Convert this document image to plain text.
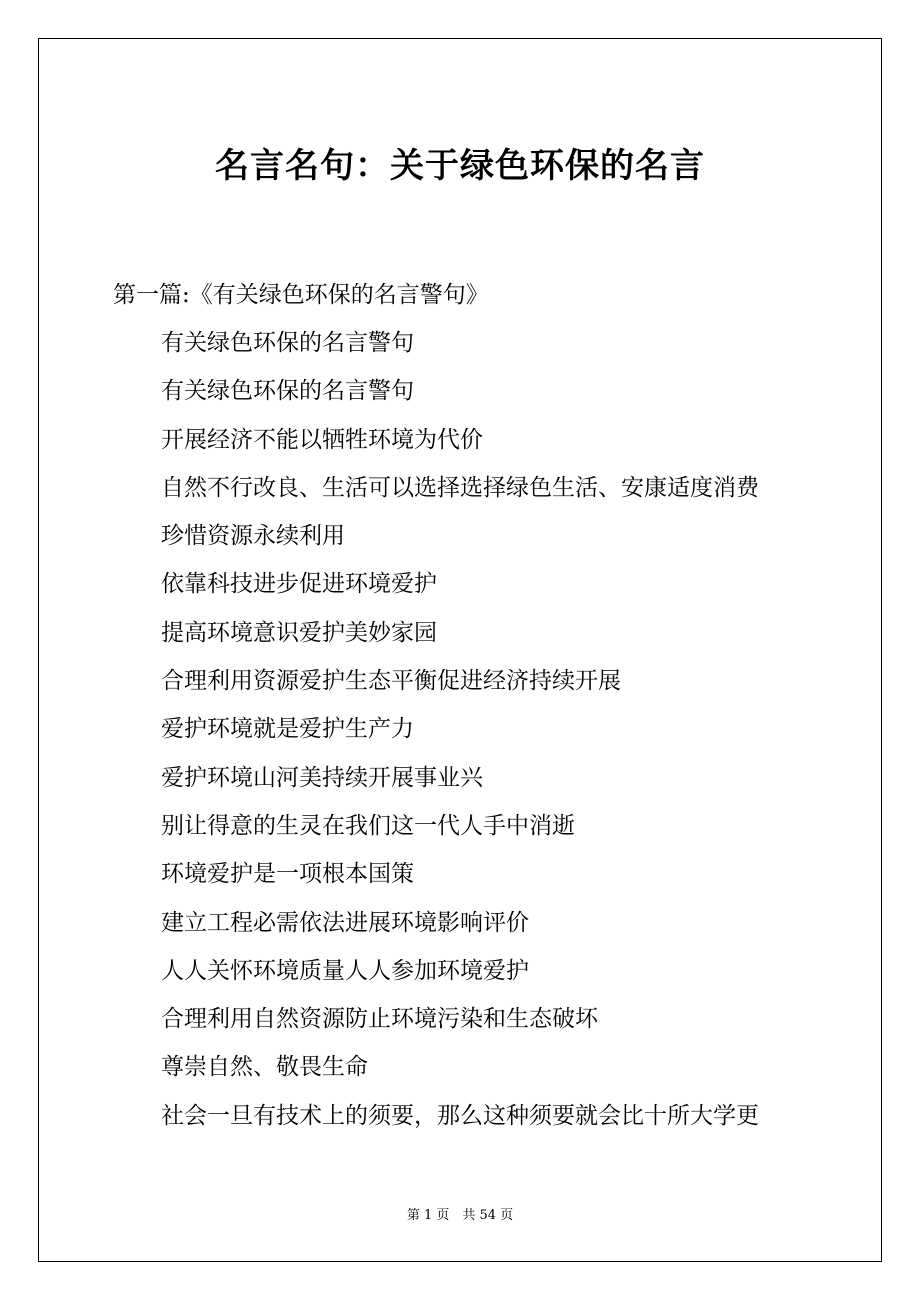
名言名句：关于绿色环保的名言
第一篇:《有关绿色环保的名言警句》
有关绿色环保的名言警句
有关绿色环保的名言警句
开展经济不能以牺牲环境为代价
自然不行改良、生活可以选择选择绿色生活、安康适度消费
珍惜资源永续利用
依靠科技进步促进环境爱护
提高环境意识爱护美妙家园
合理利用资源爱护生态平衡促进经济持续开展
爱护环境就是爱护生产力
爱护环境山河美持续开展事业兴
别让得意的生灵在我们这一代人手中消逝
环境爱护是一项根本国策
建立工程必需依法进展环境影响评价
人人关怀环境质量人人参加环境爱护
合理利用自然资源防止环境污染和生态破坏
尊崇自然、敬畏生命
社会一旦有技术上的须要，那么这种须要就会比十所大学更
第 1 页　共 54 页
